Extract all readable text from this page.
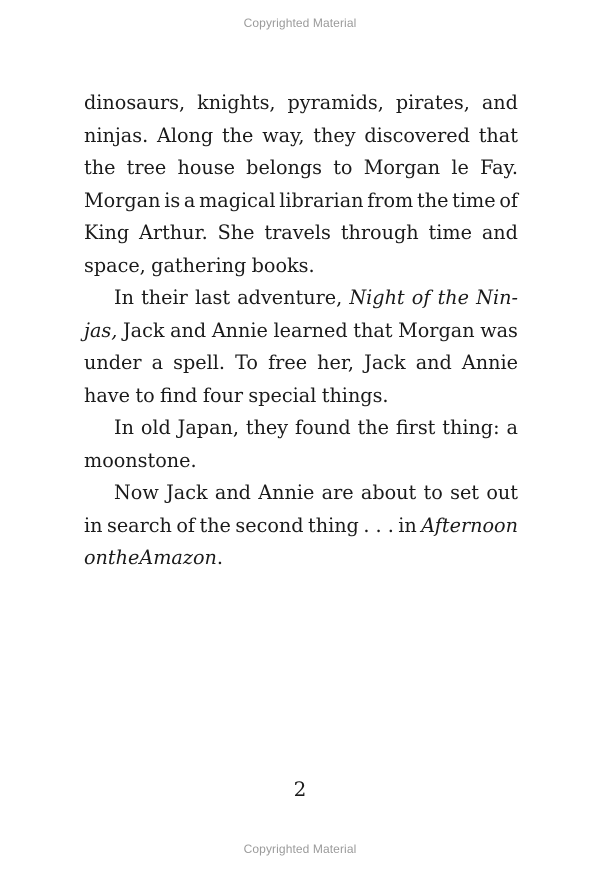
Copyrighted Material
dinosaurs, knights, pyramids, pirates, and
ninjas. Along the way, they discovered that
the tree house belongs to Morgan le Fay.
Morgan is a magical librarian from the time of
King Arthur. She travels through time and
space, gathering books.
In their last adventure, Night of the Nin-
jas, Jack and Annie learned that Morgan was
under a spell. To free her, Jack and Annie
have to find four special things.
In old Japan, they found the first thing: a
moonstone.
Now Jack and Annie are about to set out
in search of the second thing . . . in Afternoon
on the Amazon .
2
Copyrighted Material
